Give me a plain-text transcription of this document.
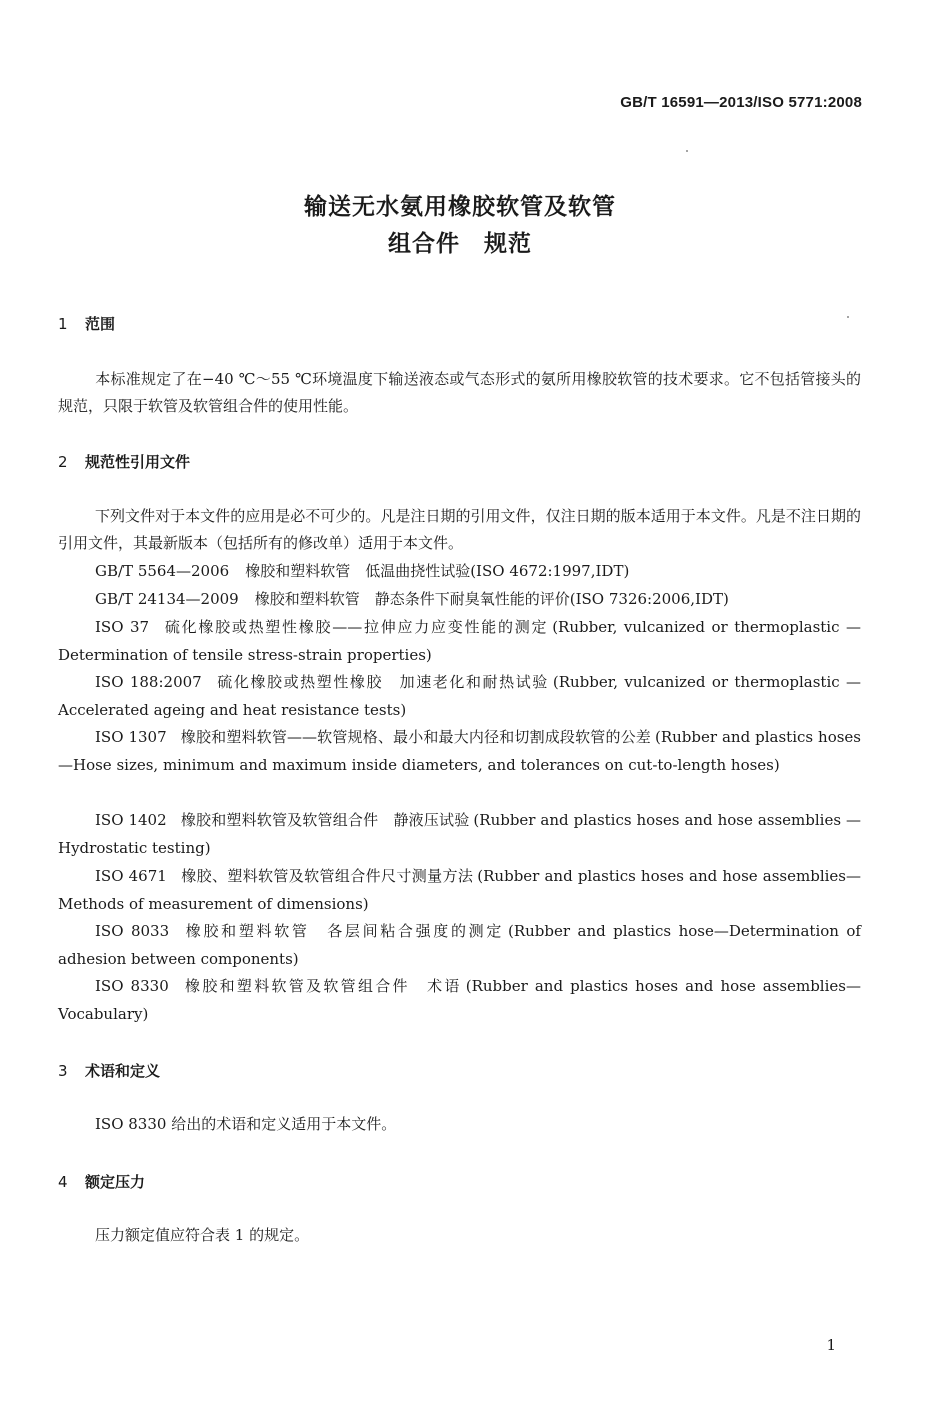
GB/T 16591—2013/ISO 5771:2008
输送无水氨用橡胶软管及软管
组合件　规范
1 范围
本标准规定了在−40 ℃～55 ℃环境温度下输送液态或气态形式的氨所用橡胶软管的技术要求。它不包括管接头的规范，只限于软管及软管组合件的使用性能。
2 规范性引用文件
下列文件对于本文件的应用是必不可少的。凡是注日期的引用文件，仅注日期的版本适用于本文件。凡是不注日期的引用文件，其最新版本（包括所有的修改单）适用于本文件。
GB/T 5564—2006 橡胶和塑料软管　低温曲挠性试验(ISO 4672:1997,IDT)
GB/T 24134—2009 橡胶和塑料软管　静态条件下耐臭氧性能的评价(ISO 7326:2006,IDT)
ISO 37 硫化橡胶或热塑性橡胶——拉伸应力应变性能的测定 (Rubber, vulcanized or thermoplastic —Determination of tensile stress-strain properties)
ISO 188:2007 硫化橡胶或热塑性橡胶　加速老化和耐热试验 (Rubber, vulcanized or thermoplastic —Accelerated ageing and heat resistance tests)
ISO 1307 橡胶和塑料软管——软管规格、最小和最大内径和切割成段软管的公差 (Rubber and plastics hoses—Hose sizes, minimum and maximum inside diameters, and tolerances on cut-to-length hoses)
ISO 1402 橡胶和塑料软管及软管组合件　静液压试验 (Rubber and plastics hoses and hose assemblies —Hydrostatic testing)
ISO 4671 橡胶、塑料软管及软管组合件尺寸测量方法 (Rubber and plastics hoses and hose assemblies—Methods of measurement of dimensions)
ISO 8033 橡胶和塑料软管　各层间粘合强度的测定 (Rubber and plastics hose—Determination of adhesion between components)
ISO 8330 橡胶和塑料软管及软管组合件　术语 (Rubber and plastics hoses and hose assemblies—Vocabulary)
3 术语和定义
ISO 8330 给出的术语和定义适用于本文件。
4 额定压力
压力额定值应符合表 1 的规定。
1
